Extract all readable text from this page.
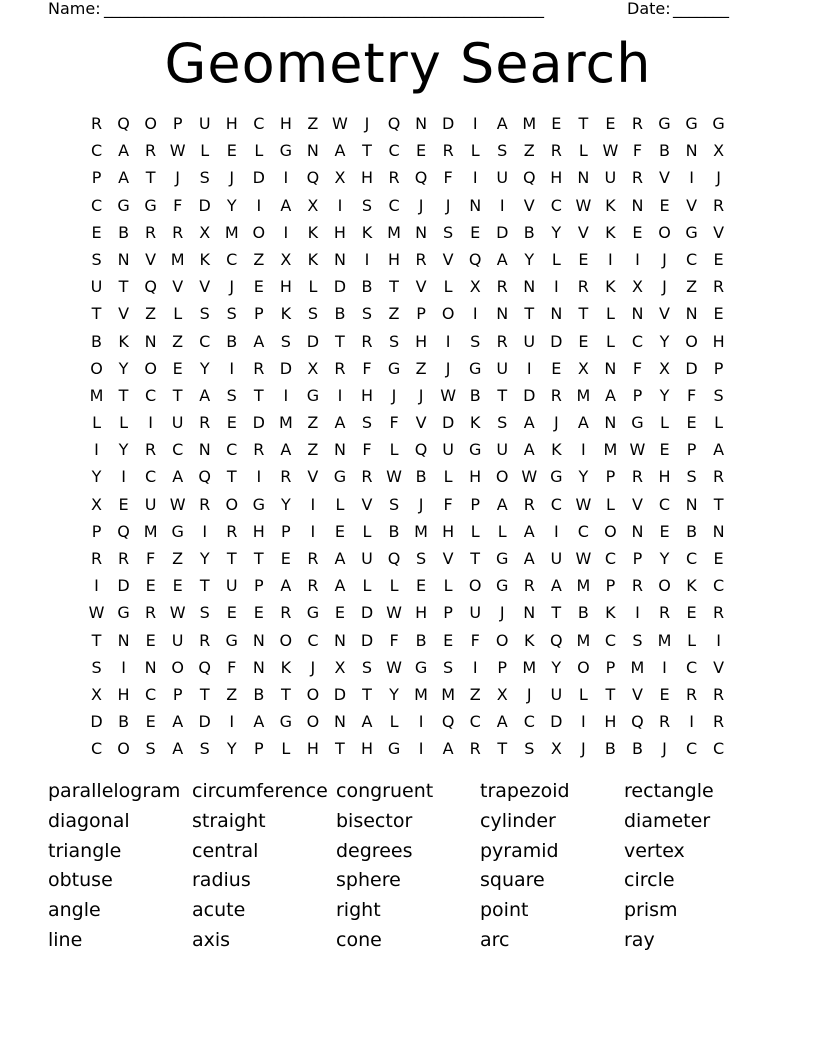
Name: _______________________________________________________	Date: _______
Geometry Search
R Q O P	U H C H Z W	J	Q N D	I	A M E	T	E	R G G G
C A	R W L	E	L	G N A	T	C	E	R	L	S	Z	R	L W F	B N X
P	A	T	J	S	J	D	I	Q X H R Q	F	I	U Q H N U R	V	I	J
C G G	F	D Y	I	A	X	I	S	C	J	J	N	I	V C W K N	E	V	R
E	B R R	X M O	I	K H K M N S	E D B	Y	V	K	E O G V
S N V M K	C Z	X	K N	I	H R	V Q A	Y	L	E	I	I	J	C	E
U	T Q V	V	J	E H	L	D B	T	V	L	X	R N	I	R	K	X	J	Z	R
T	V	Z	L	S	S	P	K	S	B	S	Z	P O	I	N	T	N	T	L	N V N	E
B	K N Z C B	A	S D T	R	S H	I	S	R U D E	L	C	Y O H
O Y O E	Y	I	R D X	R	F	G Z	J	G U	I	E	X N	F	X D	P
M T	C	T	A	S	T	I	G	I	H	J	J	W B	T	D R M A	P	Y	F	S
L	L	I	U R	E D M Z	A	S	F	V D K	S	A	J	A N G	L	E	L
I	Y	R C N C R	A	Z N	F	L	Q U G U A	K	I	M W E	P	A
Y	I	C A Q T	I	R	V G R W B	L	H O W G Y	P	R H S	R
X	E	U W R O G Y	I	L	V	S	J	F	P	A	R C W L	V C N	T
P Q M G	I	R H	P	I	E	L	B M H	L	L	A	I	C O N	E	B N
R R	F	Z	Y	T	T	E	R	A U Q S	V	T G A U W C	P	Y	C	E
I	D E	E	T	U	P	A	R	A	L	L	E	L	O G R	A M P	R O K	C
W G R W S	E	E	R G E D W H	P	U	J	N	T	B	K	I	R	E	R
T	N	E	U R G N O C N D	F	B	E	F	O K Q M C	S M L	I
S	I	N O Q	F	N K	J	X	S W G S	I	P M Y O P M	I	C V
X H C	P	T	Z	B	T O D T	Y M M Z	X	J	U	L	T	V	E	R R
D B	E	A D	I	A G O N A	L	I	Q C A C D	I	H Q R	I	R
C O S	A	S	Y	P	L	H	T	H G	I	A	R	T	S	X	J	B	B	J	C C
parallelogram circumference congruent	trapezoid	rectangle
diagonal	straight	bisector	cylinder	diameter
triangle	central	degrees	pyramid	vertex
obtuse	radius	sphere	square	circle
angle	acute	right	point	prism
line	axis	cone	arc	ray
